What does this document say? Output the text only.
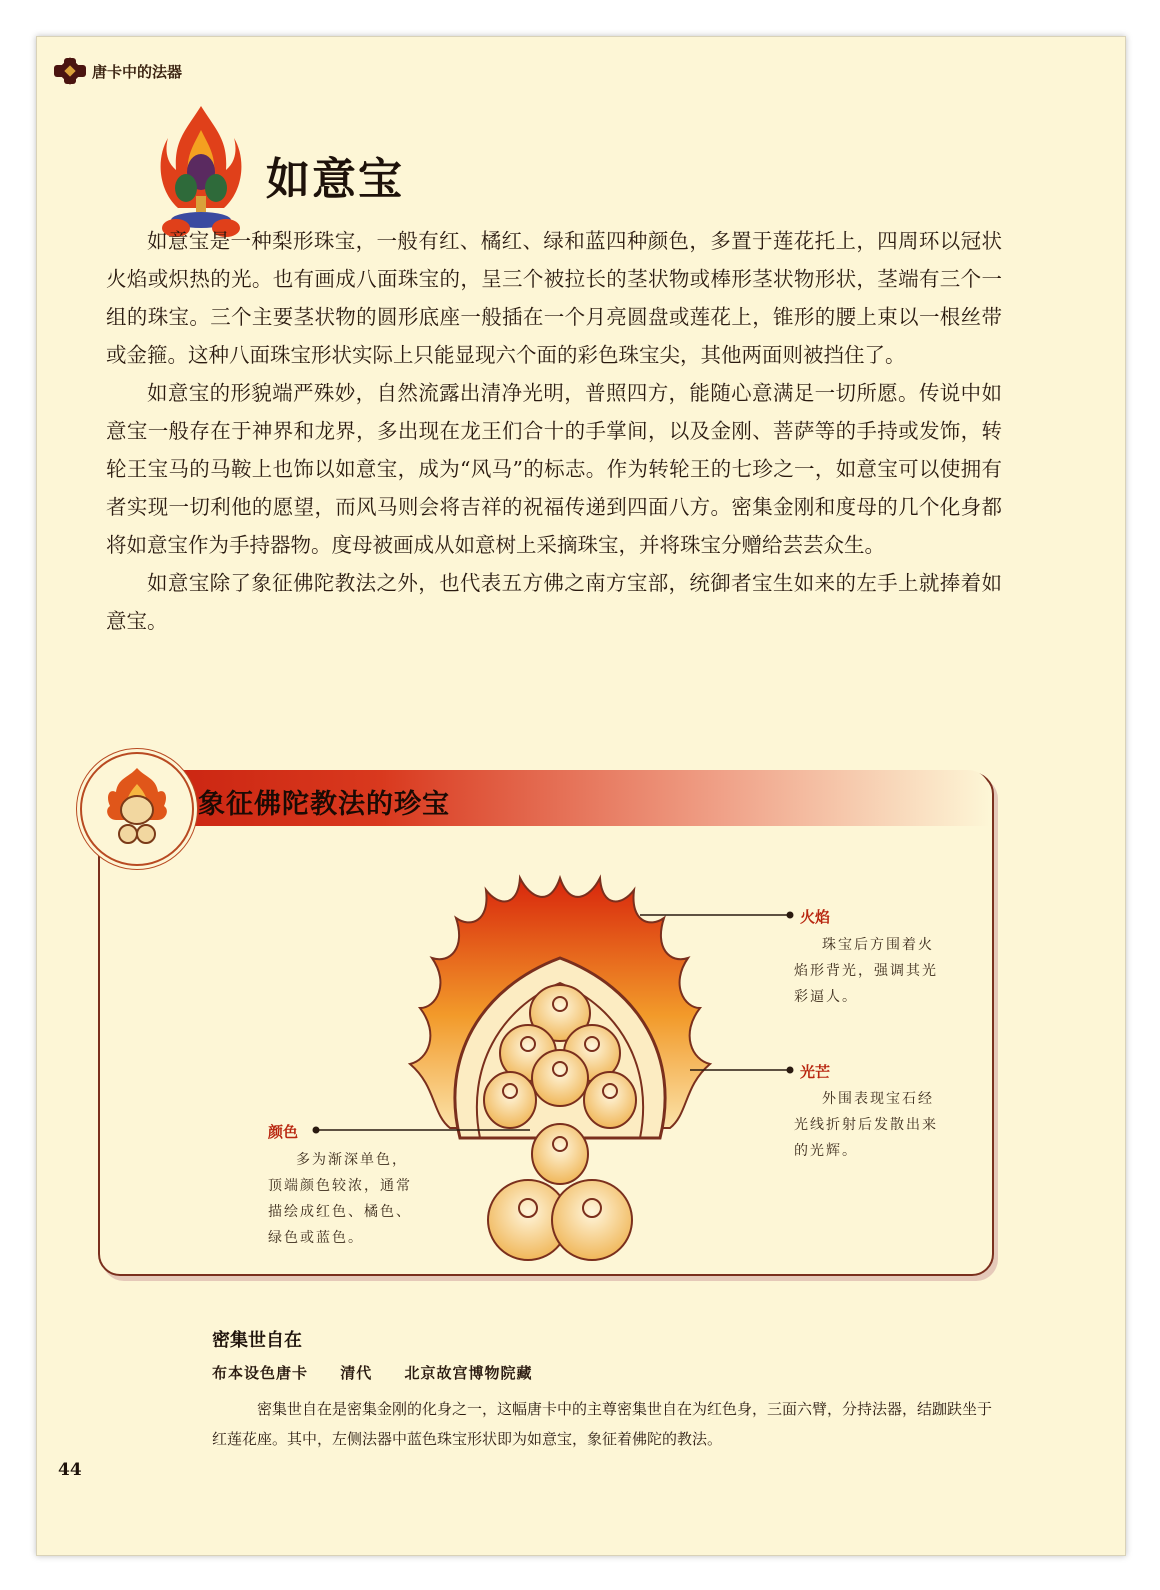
唐卡中的法器
如意宝

如意宝是一种梨形珠宝，一般有红、橘红、绿和蓝四种颜色，多置于莲花托上，四周环以冠状火焰或炽热的光。也有画成八面珠宝的，呈三个被拉长的茎状物或棒形茎状物形状，茎端有三个一组的珠宝。三个主要茎状物的圆形底座一般插在一个月亮圆盘或莲花上，锥形的腰上束以一根丝带或金箍。这种八面珠宝形状实际上只能显现六个面的彩色珠宝尖，其他两面则被挡住了。

如意宝的形貌端严殊妙，自然流露出清净光明，普照四方，能随心意满足一切所愿。传说中如意宝一般存在于神界和龙界，多出现在龙王们合十的手掌间，以及金刚、菩萨等的手持或发饰，转轮王宝马的马鞍上也饰以如意宝，成为“风马”的标志。作为转轮王的七珍之一，如意宝可以使拥有者实现一切利他的愿望，而风马则会将吉祥的祝福传递到四面八方。密集金刚和度母的几个化身都将如意宝作为手持器物。度母被画成从如意树上采摘珠宝，并将珠宝分赠给芸芸众生。

如意宝除了象征佛陀教法之外，也代表五方佛之南方宝部，统御者宝生如来的左手上就捧着如意宝。

象征佛陀教法的珍宝
火焰
珠宝后方围着火
焰形背光，强调其光
彩逼人。
光芒
外围表现宝石经
光线折射后发散出来
的光辉。
颜色
多为渐深单色，
顶端颜色较浓，通常
描绘成红色、橘色、
绿色或蓝色。
密集世自在
布本设色唐卡 清代 北京故宫博物院藏

密集世自在是密集金刚的化身之一，这幅唐卡中的主尊密集世自在为红色身，三面六臂，分持法器，结跏趺坐于红莲花座。其中，左侧法器中蓝色珠宝形状即为如意宝，象征着佛陀的教法。

44
